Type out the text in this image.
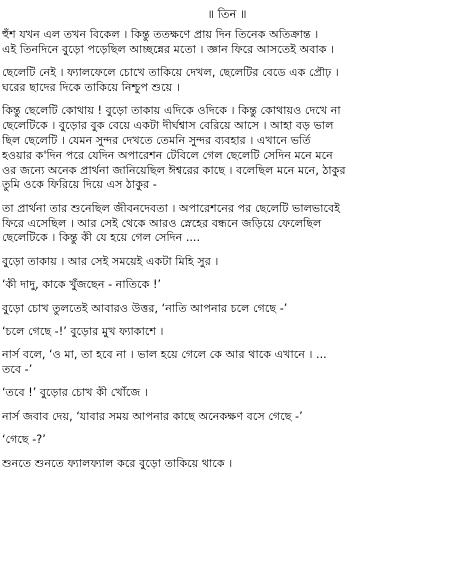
॥ তিন ॥
হুঁশ যখন এল তখন বিকেল । কিন্তু ততক্ষণে প্রায় দিন তিনেক অতিক্রান্ত ।
এই তিনদিনে বুড়ো পড়েছিল আচ্ছন্নের মতো । জ্ঞান ফিরে আসতেই অবাক ।
ছেলেটি নেই । ফ্যালফেলে চোখে তাকিয়ে দেখল, ছেলেটির বেডে এক প্রৌঢ় ।
ঘরের ছাদের দিকে তাকিয়ে নিশ্চুপ শুয়ে ।
কিন্তু ছেলেটি কোথায় ! বুড়ো তাকায় এদিকে ওদিকে । কিন্তু কোথায়ও দেখে না
ছেলেটিকে । বুড়োর বুক বেয়ে একটা দীর্ঘশ্বাস বেরিয়ে আসে । আহা বড় ভাল
ছিল ছেলেটি । যেমন সুন্দর দেখতে তেমনি সুন্দর ব্যবহার । এখানে ভর্তি
হওয়ার ক'দিন পরে যেদিন অপারেশন টেবিলে গেল ছেলেটি সেদিন মনে মনে
ওর জন্যে অনেক প্রার্থনা জানিয়েছিল ঈশ্বরের কাছে । বলেছিল মনে মনে, ঠাকুর
তুমি ওকে ফিরিয়ে দিয়ে এস ঠাকুর -
তা প্রার্থনা তার শুনেছিল জীবনদেবতা । অপারেশনের পর ছেলেটি ভালভাবেই
ফিরে এসেছিল । আর সেই থেকে আরও স্নেহের বন্ধনে জড়িয়ে ফেলেছিল
ছেলেটিকে । কিন্তু কী যে হয়ে গেল সেদিন ....
বুড়ো তাকায় । আর সেই সময়েই একটা মিহি সুর ।
‘কী দাদু, কাকে খুঁজছেন - নাতিকে !’
বুড়ো চোখ তুলতেই আবারও উত্তর, ‘নাতি আপনার চলে গেছে -’
‘চলে গেছে -!’ বুড়োর মুখ ফ্যাকাশে ।
নার্স বলে, ‘ও মা, তা হবে না । ভাল হয়ে গেলে কে আর থাকে এখানে । ...
তবে -’
‘তবে !’ বুড়োর চোখ কী খোঁজে ।
নার্স জবাব দেয়, ‘যাবার সময় আপনার কাছে অনেকক্ষণ বসে গেছে -’
‘গেছে -?’
শুনতে শুনতে ফ্যালফ্যাল করে বুড়ো তাকিয়ে থাকে ।
